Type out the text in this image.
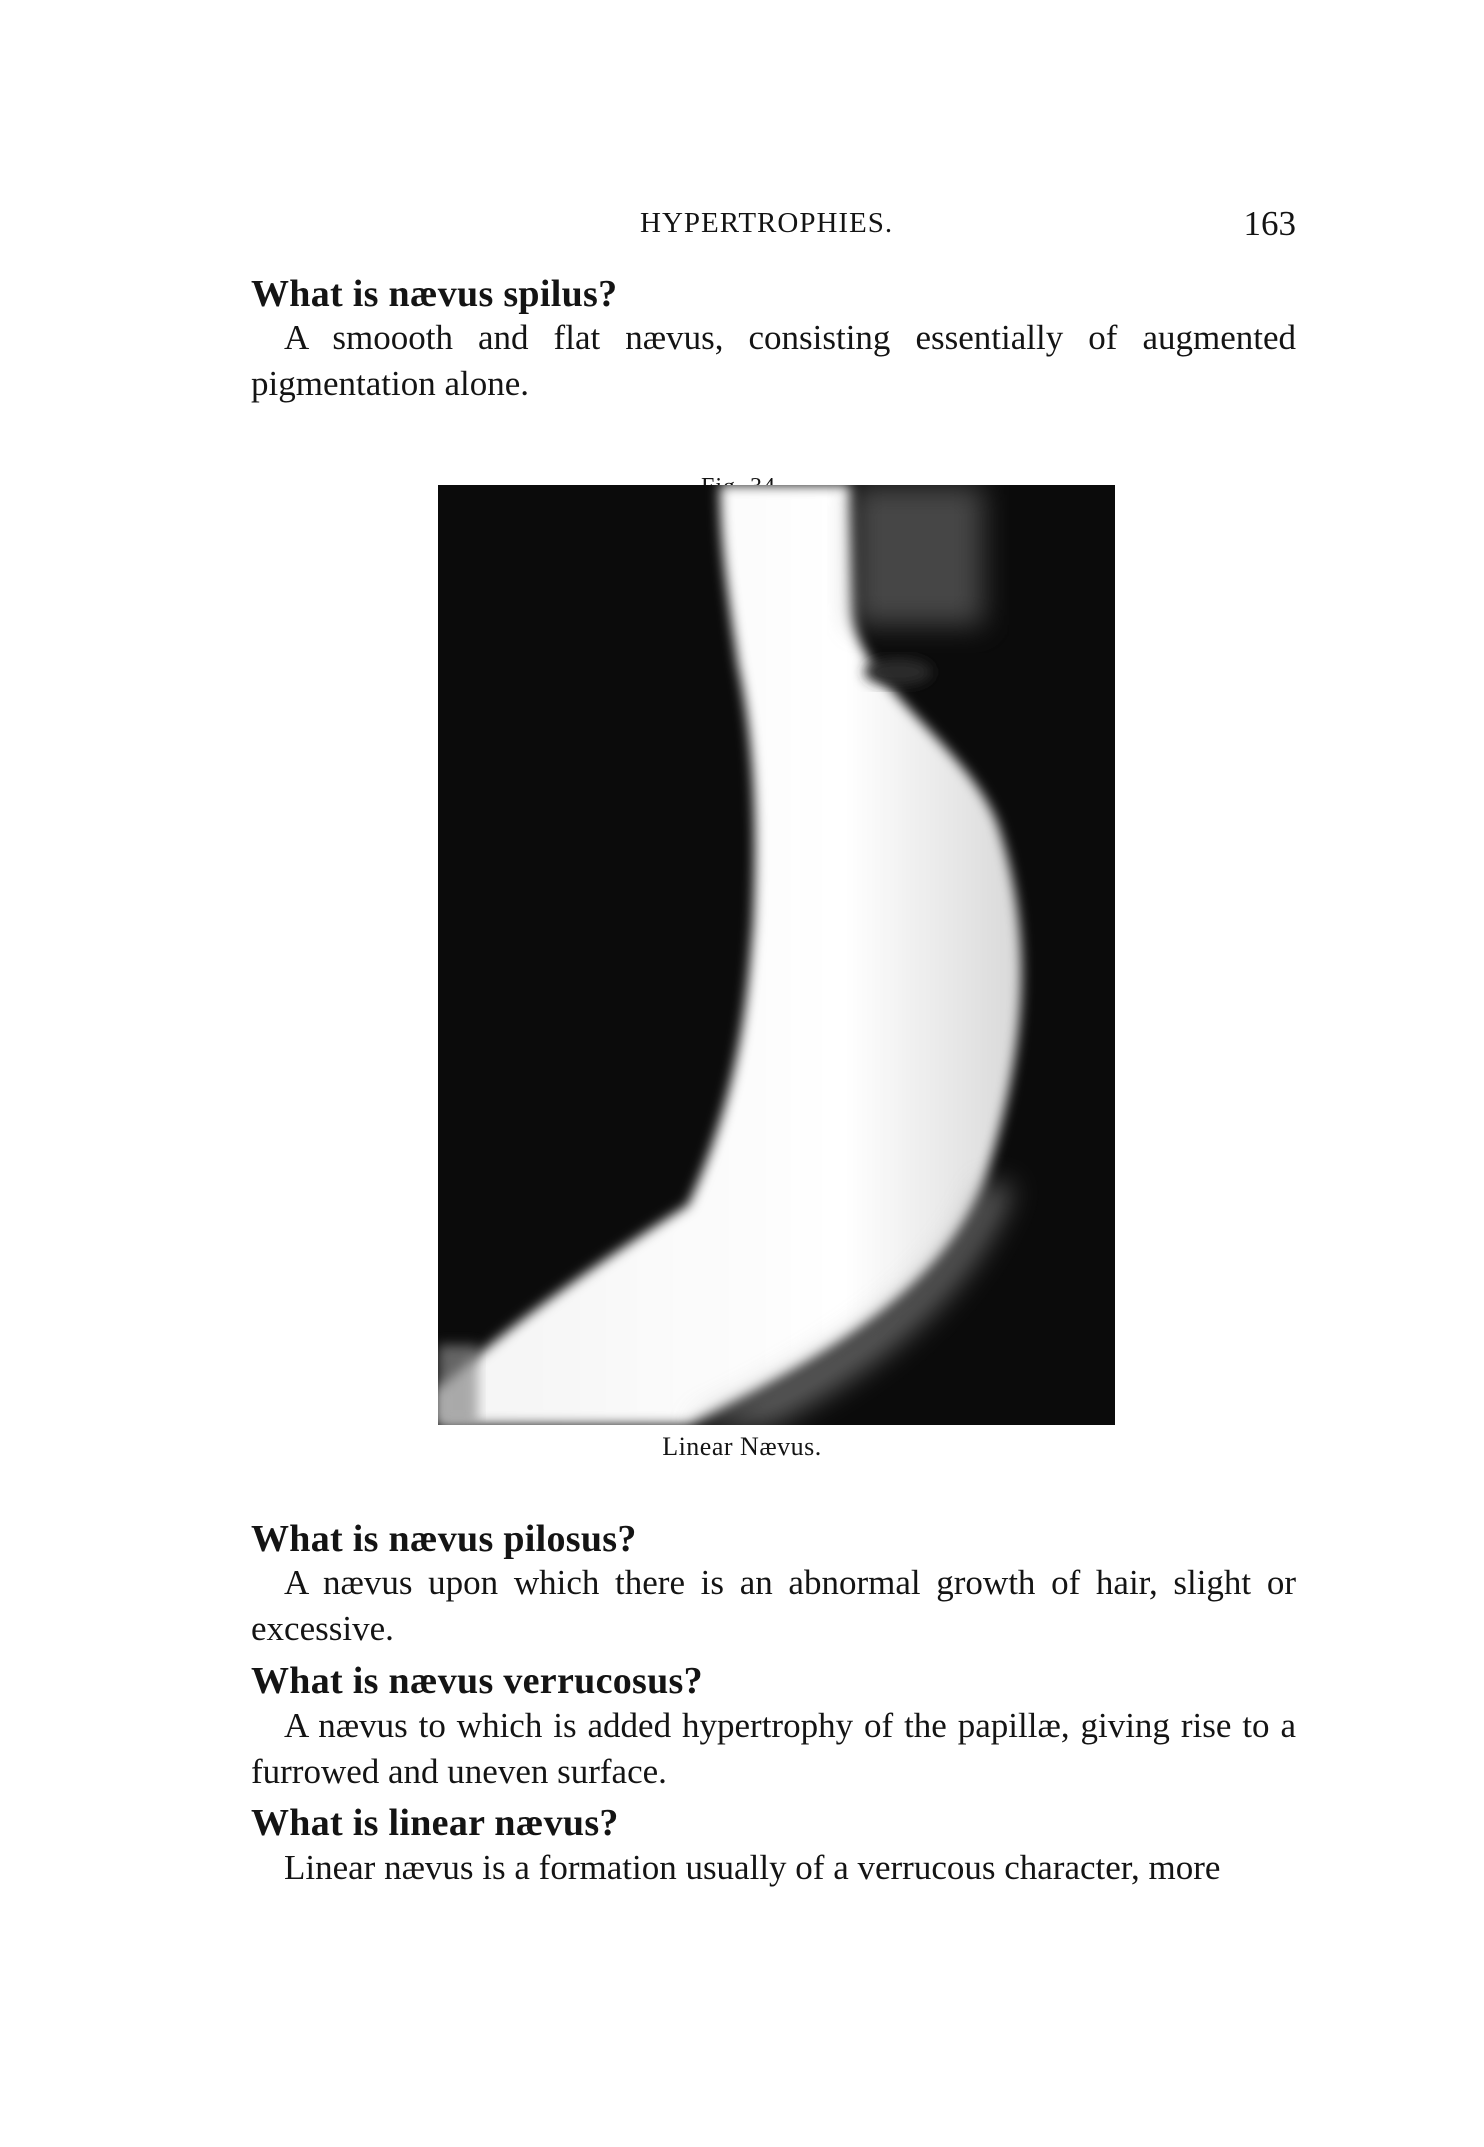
HYPERTROPHIES.	163
What is nævus spilus?

A smoooth and flat nævus, consisting essentially of augmented pigmentation alone.

Linear Nævus.
What is nævus pilosus?

A nævus upon which there is an abnormal growth of hair, slight or excessive.

What is nævus verrucosus?

A nævus to which is added hypertrophy of the papillæ, giving rise to a furrowed and uneven surface.

What is linear nævus?

Linear nævus is a formation usually of a verrucous character, more
